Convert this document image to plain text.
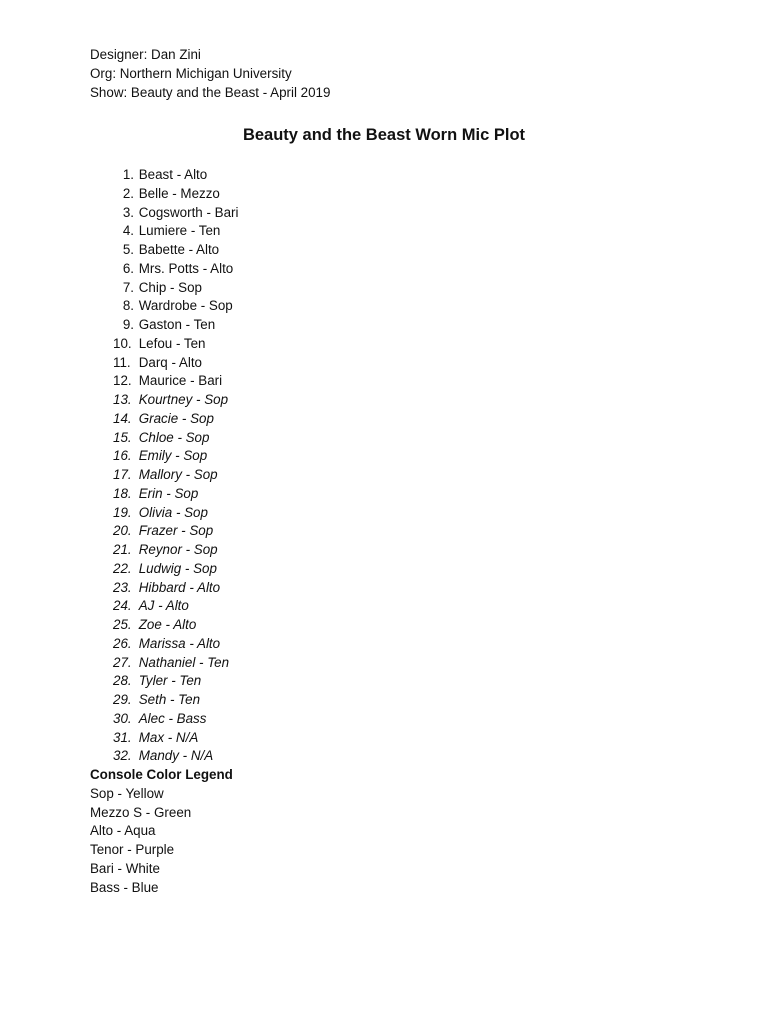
Designer: Dan Zini
Org: Northern Michigan University
Show: Beauty and the Beast - April 2019
Beauty and the Beast Worn Mic Plot
1. Beast - Alto
2. Belle - Mezzo
3. Cogsworth - Bari
4. Lumiere - Ten
5. Babette - Alto
6. Mrs. Potts - Alto
7. Chip - Sop
8. Wardrobe - Sop
9. Gaston - Ten
10. Lefou - Ten
11. Darq - Alto
12. Maurice - Bari
13. Kourtney - Sop
14. Gracie - Sop
15. Chloe - Sop
16. Emily - Sop
17. Mallory - Sop
18. Erin - Sop
19. Olivia - Sop
20. Frazer - Sop
21. Reynor - Sop
22. Ludwig - Sop
23. Hibbard - Alto
24. AJ - Alto
25. Zoe - Alto
26. Marissa - Alto
27. Nathaniel - Ten
28. Tyler - Ten
29. Seth - Ten
30. Alec - Bass
31. Max - N/A
32. Mandy - N/A
Console Color Legend
Sop - Yellow
Mezzo S - Green
Alto - Aqua
Tenor - Purple
Bari - White
Bass - Blue
